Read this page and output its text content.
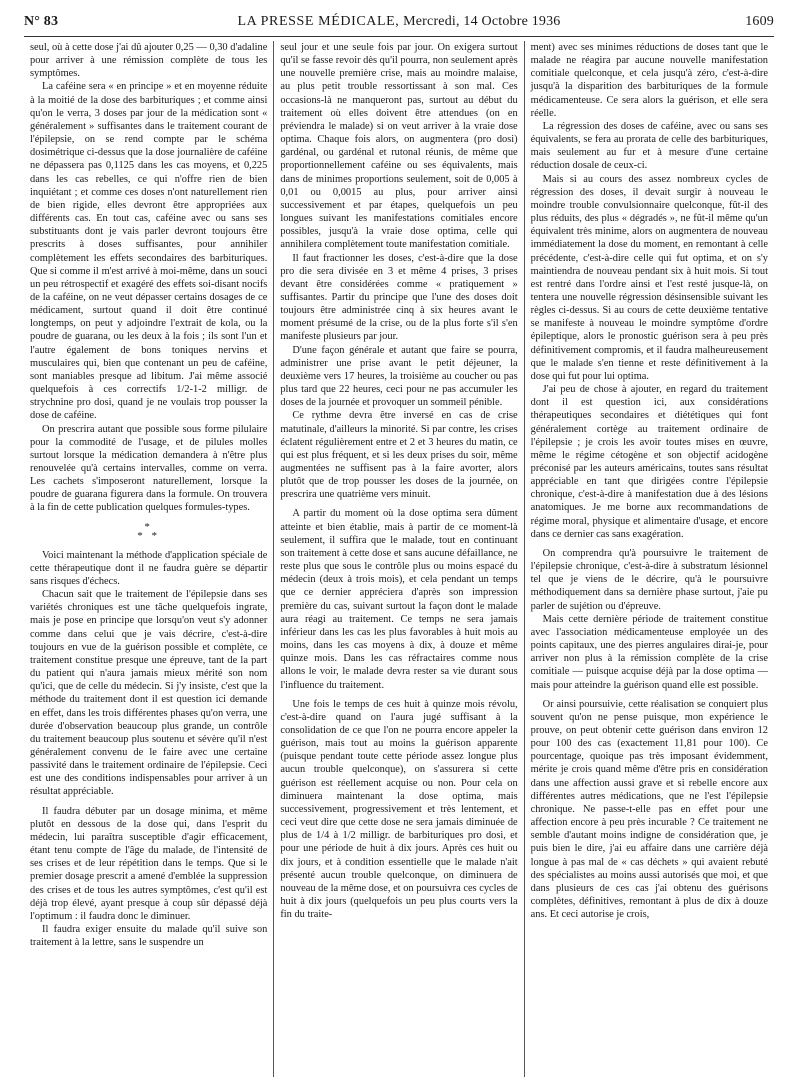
N° 83	LA PRESSE MÉDICALE, Mercredi, 14 Octobre 1936	1609

seul, où à cette dose j'ai dû ajouter 0,25 — 0,30 d'adaline pour arriver à une rémission complète de tous les symptômes.

La caféine sera « en principe » et en moyenne réduite à la moitié de la dose des barbituriques ; et comme ainsi qu'on le verra, 3 doses par jour de la médication sont « généralement » suffisantes dans le traitement courant de l'épilepsie, on se rend compte par le schéma dosimétrique ci-dessus que la dose journalière de caféine ne dépassera pas 0,1125 dans les cas moyens, et 0,225 dans les cas rebelles, ce qui n'offre rien de bien inquiétant ; et comme ces doses n'ont naturellement rien de bien rigide, elles devront être appropriées aux différents cas. En tout cas, caféine avec ou sans ses substituants dont je vais parler devront toujours être prescrits à doses suffisantes, pour annihiler complètement les effets secondaires des barbituriques. Que si comme il m'est arrivé à moi-même, dans un souci un peu rétrospectif et exagéré des effets soi-disant nocifs de la caféine, on ne veut dépasser certains dosages de ce médicament, surtout quand il doit être continué longtemps, on peut y adjoindre l'extrait de kola, ou la poudre de guarana, ou les deux à la fois ; ils sont l'un et l'autre également de bons toniques nervins et musculaires qui, bien que contenant un peu de caféine, sont maniables presque ad libitum. J'ai même associé quelquefois à ces correctifs 1/2-1-2 milligr. de strychnine pro dosi, quand je ne voulais trop pousser la dose de caféine.

On prescrira autant que possible sous forme pilulaire pour la commodité de l'usage, et de pilules molles surtout lorsque la médication demandera à n'être plus renouvelée qu'à certains intervalles, comme on verra. Les cachets s'imposeront naturellement, lorsque la poudre de guarana figurera dans la formule. On trouvera à la fin de cette publication quelques formules-types.

*
* *

Voici maintenant la méthode d'application spéciale de cette thérapeutique dont il ne faudra guère se départir sans risques d'échecs.

Chacun sait que le traitement de l'épilepsie dans ses variétés chroniques est une tâche quelquefois ingrate, mais je pose en principe que lorsqu'on veut s'y adonner comme dans celui que je vais décrire, c'est-à-dire toujours en vue de la guérison possible et complète, ce traitement constitue presque une épreuve, tant de la part du patient qui n'aura jamais mieux mérité son nom qu'ici, que de celle du médecin. Si j'y insiste, c'est que la méthode du traitement dont il est question ici demande en effet, dans les trois différentes phases qu'on verra, une durée d'observation beaucoup plus grande, un contrôle du traitement beaucoup plus soutenu et sévère qu'il n'est généralement convenu de le faire avec une certaine passivité dans le traitement ordinaire de l'épilepsie. Ceci est une des conditions indispensables pour arriver à un résultat appréciable.

Il faudra débuter par un dosage minima, et même plutôt en dessous de la dose qui, dans l'esprit du médecin, lui paraîtra susceptible d'agir efficacement, étant tenu compte de l'âge du malade, de l'intensité de ses crises et de leur répétition dans le temps. Que si le premier dosage prescrit a amené d'emblée la suppression des crises et de tous les autres symptômes, c'est qu'il est déjà trop élevé, ayant presque à coup sûr dépassé déjà l'optimum : il faudra donc le diminuer.

Il faudra exiger ensuite du malade qu'il suive son traitement à la lettre, sans le suspendre un

seul jour et une seule fois par jour. On exigera surtout qu'il se fasse revoir dès qu'il pourra, non seulement après une nouvelle première crise, mais au moindre malaise, au plus petit trouble ressortissant à son mal. Ces occasions-là ne manqueront pas, surtout au début du traitement où elles doivent être attendues (on en préviendra le malade) si on veut arriver à la vraie dose optima. Chaque fois alors, on augmentera (pro dosi) gardénal, ou gardénal et rutonal réunis, de même que proportionnellement caféine ou ses équivalents, mais dans de minimes proportions seulement, soit de 0,005 à 0,01 ou 0,0015 au plus, pour arriver ainsi successivement et par étapes, quelquefois un peu longues suivant les manifestations comitiales encore possibles, jusqu'à la vraie dose optima, celle qui annihilera complètement toute manifestation comitiale.

Il faut fractionner les doses, c'est-à-dire que la dose pro die sera divisée en 3 et même 4 prises, 3 prises devant être considérées comme « pratiquement » suffisantes. Partir du principe que l'une des doses doit toujours être administrée cinq à six heures avant le moment présumé de la crise, ou de la plus forte s'il s'en manifeste plusieurs par jour.

D'une façon générale et autant que faire se pourra, administrer une prise avant le petit déjeuner, la deuxième vers 17 heures, la troisième au coucher ou pas plus tard que 22 heures, ceci pour ne pas accumuler les doses de la journée et provoquer un sommeil pénible.

Ce rythme devra être inversé en cas de crise matutinale, d'ailleurs la minorité. Si par contre, les crises éclatent régulièrement entre et 2 et 3 heures du matin, ce qui est plus fréquent, et si les deux prises du soir, même augmentées ne suffisent pas à la faire avorter, alors plutôt que de trop pousser les doses de la journée, on prescrira une quatrième vers minuit.

A partir du moment où la dose optima sera dûment atteinte et bien établie, mais à partir de ce moment-là seulement, il suffira que le malade, tout en continuant son traitement à cette dose et sans aucune défaillance, ne reste plus que sous le contrôle plus ou moins espacé du médecin (deux à trois mois), et cela pendant un temps que ce dernier appréciera d'après son impression première du cas, suivant surtout la façon dont le malade aura réagi au traitement. Ce temps ne sera jamais inférieur dans les cas les plus favorables à huit mois au moins, dans les cas moyens à dix, à douze et même quinze mois. Dans les cas réfractaires comme nous allons le voir, le malade devra rester sa vie durant sous l'influence du traitement.

Une fois le temps de ces huit à quinze mois révolu, c'est-à-dire quand on l'aura jugé suffisant à la consolidation de ce que l'on ne pourra encore appeler la guérison, mais tout au moins la guérison apparente (puisque pendant toute cette période assez longue plus aucun trouble quelconque), on s'assurera si cette guérison est réellement acquise ou non. Pour cela on diminuera maintenant la dose optima, mais successivement, progressivement et très lentement, et ceci veut dire que cette dose ne sera jamais diminuée de plus de 1/4 à 1/2 milligr. de barbituriques pro dosi, et pour une période de huit à dix jours. Après ces huit ou dix jours, et à condition essentielle que le malade n'ait présenté aucun trouble quelconque, on diminuera de nouveau de la même dose, et on poursuivra ces cycles de huit à dix jours (quelquefois un peu plus courts vers la fin du traite-

ment) avec ses minimes réductions de doses tant que le malade ne réagira par aucune nouvelle manifestation comitiale quelconque, et cela jusqu'à zéro, c'est-à-dire jusqu'à la disparition des barbituriques de la formule médicamenteuse. Ce sera alors la guérison, et elle sera réelle.

La régression des doses de caféine, avec ou sans ses équivalents, se fera au prorata de celle des barbituriques, mais seulement au fur et à mesure d'une certaine réduction dosale de ceux-ci.

Mais si au cours des assez nombreux cycles de régression des doses, il devait surgir à nouveau le moindre trouble convulsionnaire quelconque, fût-il des plus réduits, des plus « dégradés », ne fût-il même qu'un équivalent très minime, alors on augmentera de nouveau immédiatement la dose du moment, en remontant à celle précédente, c'est-à-dire celle qui fut optima, et on s'y maintiendra de nouveau pendant six à huit mois. Si tout est rentré dans l'ordre ainsi et l'est resté jusque-là, on tentera une nouvelle régression désinsensible suivant les règles ci-dessus. Si au cours de cette deuxième tentative se manifeste à nouveau le moindre symptôme d'ordre épileptique, alors le pronostic guérison sera à peu près définitivement compromis, et il faudra malheureusement que le malade s'en tienne et reste définitivement à la dose qui fut pour lui optima.

J'ai peu de chose à ajouter, en regard du traitement dont il est question ici, aux considérations thérapeutiques secondaires et diététiques qui font généralement cortège au traitement ordinaire de l'épilepsie ; je crois les avoir toutes mises en œuvre, même le régime cétogène et son objectif acidogène préconisé par les auteurs américains, toutes sans résultat appréciable en tant que dirigées contre l'épilepsie chronique, c'est-à-dire à manifestation due à des lésions anatomiques. Je me borne aux recommandations de régime moral, physique et alimentaire d'usage, et encore dans ce dernier cas sans exagération.

On comprendra qu'à poursuivre le traitement de l'épilepsie chronique, c'est-à-dire à substratum lésionnel tel que je viens de le décrire, qu'à le poursuivre méthodiquement dans sa dernière phase surtout, j'aie pu parler de sujétion ou d'épreuve.

Mais cette dernière période de traitement constitue avec l'association médicamenteuse employée un des points capitaux, une des pierres angulaires dirai-je, pour arriver non plus à la rémission complète de la crise comitiale — puisque acquise déjà par la dose optima — mais pour atteindre la guérison quand elle est possible.

Or ainsi poursuivie, cette réalisation se conquiert plus souvent qu'on ne pense puisque, mon expérience le prouve, on peut obtenir cette guérison dans environ 12 pour 100 des cas (exactement 11,81 pour 100). Ce pourcentage, quoique pas très imposant évidemment, mérite je crois quand même d'être pris en considération dans une affection aussi grave et si rebelle encore aux différentes autres médications, que ne l'est l'épilepsie chronique. Ne passe-t-elle pas en effet pour une affection encore à peu près incurable ? Ce traitement ne semble d'autant moins indigne de considération que, je puis bien le dire, j'ai eu affaire dans une carrière déjà longue à pas mal de « cas déchets » qui avaient rebuté des spécialistes au moins aussi autorisés que moi, et que dans plusieurs de ces cas j'ai obtenu des guérisons complètes, définitives, remontant à plus de dix à douze ans. Et ceci autorise je crois,
